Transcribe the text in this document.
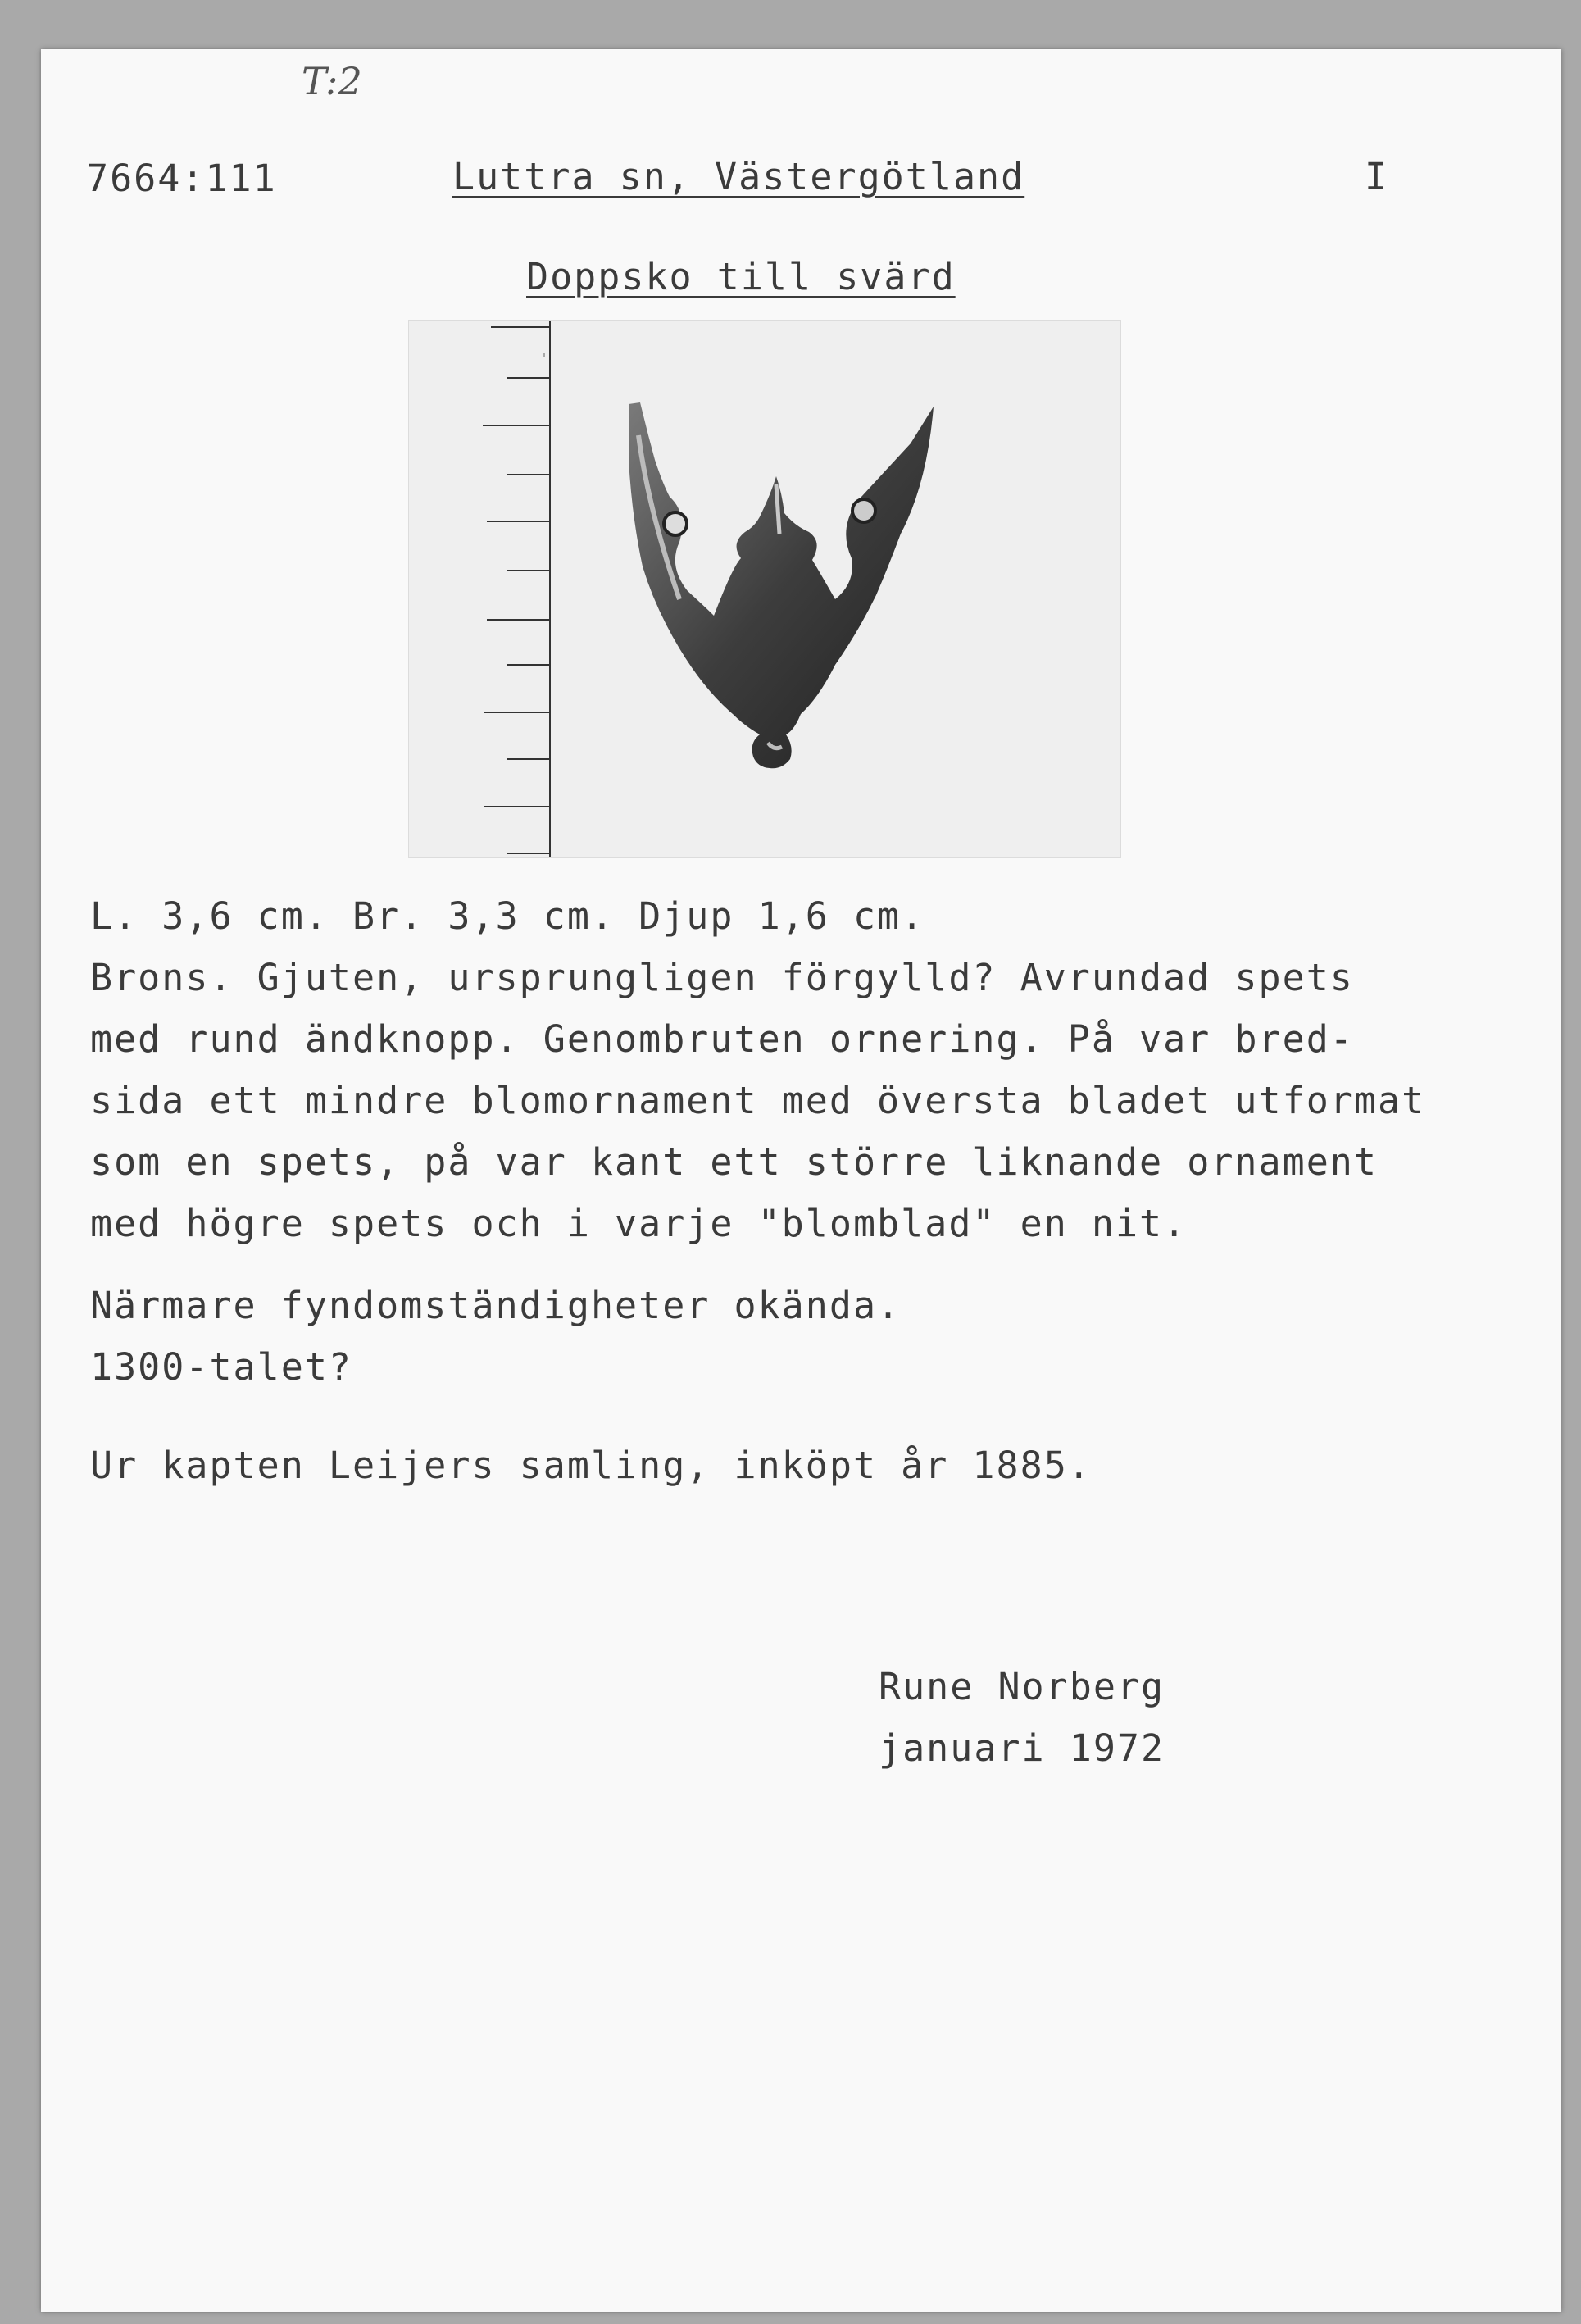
T:2
7664:111	Luttra sn, Västergötland	I
Doppsko till svärd
L. 3,6 cm. Br. 3,3 cm. Djup 1,6 cm.
Brons. Gjuten, ursprungligen förgylld? Avrundad spets
med rund ändknopp. Genombruten ornering. På var bred-
sida ett mindre blomornament med översta bladet utformat
som en spets, på var kant ett större liknande ornament
med högre spets och i varje "blomblad" en nit.
Närmare fyndomständigheter okända.
1300-talet?
Ur kapten Leijers samling, inköpt år 1885.
Rune Norberg
januari 1972
